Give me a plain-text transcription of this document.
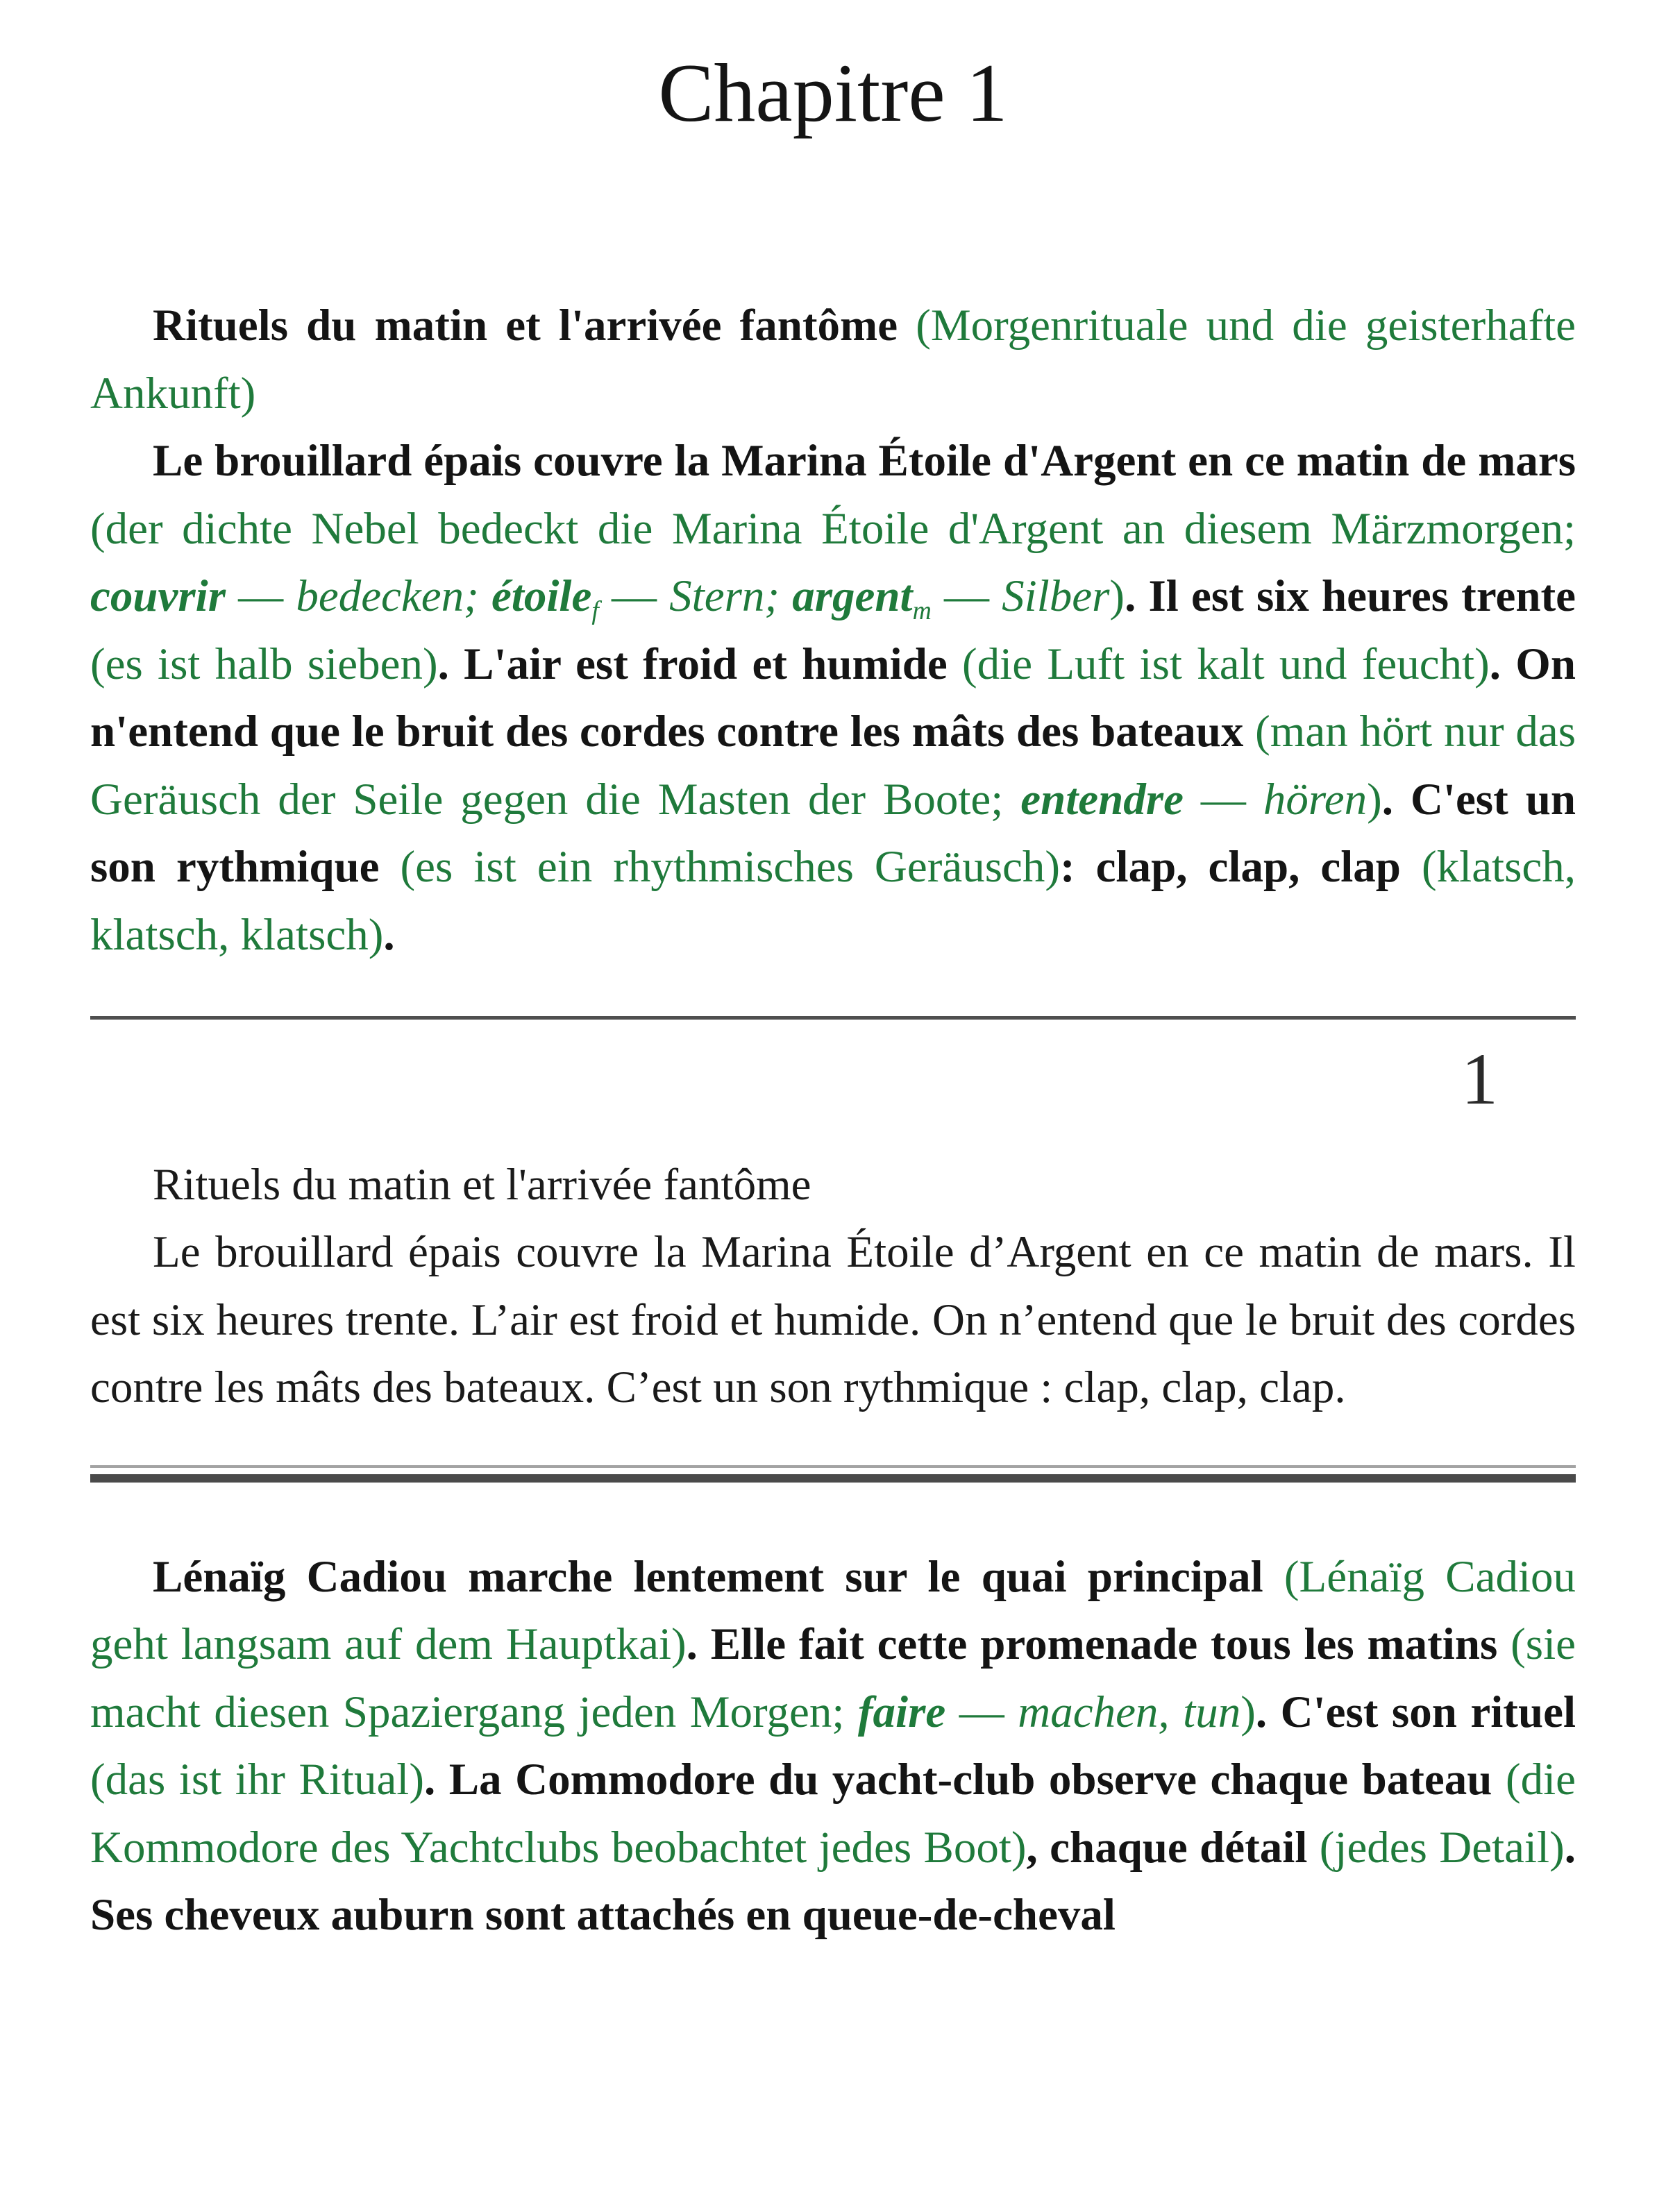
Chapitre 1

Rituels du matin et l'arrivée fantôme (Morgenrituale und die geisterhafte Ankunft)

Le brouillard épais couvre la Marina Étoile d'Argent en ce matin de mars (der dichte Nebel bedeckt die Marina Étoile d'Argent an diesem Märzmorgen; couvrir — bedecken; étoilef — Stern; argentm — Silber). Il est six heures trente (es ist halb sieben). L'air est froid et humide (die Luft ist kalt und feucht). On n'entend que le bruit des cordes contre les mâts des bateaux (man hört nur das Geräusch der Seile gegen die Masten der Boote; entendre — hören). C'est un son rythmique (es ist ein rhythmisches Geräusch): clap, clap, clap (klatsch, klatsch, klatsch).

1

Rituels du matin et l'arrivée fantôme

Le brouillard épais couvre la Marina Étoile d’Argent en ce matin de mars. Il est six heures trente. L’air est froid et humide. On n’entend que le bruit des cordes contre les mâts des bateaux. C’est un son rythmique : clap, clap, clap.

Lénaïg Cadiou marche lentement sur le quai principal (Lénaïg Cadiou geht langsam auf dem Hauptkai). Elle fait cette promenade tous les matins (sie macht diesen Spaziergang jeden Morgen; faire — machen, tun). C'est son rituel (das ist ihr Ritual). La Commodore du yacht-club observe chaque bateau (die Kommodore des Yachtclubs beobachtet jedes Boot), chaque détail (jedes Detail). Ses cheveux auburn sont attachés en queue-de-cheval
